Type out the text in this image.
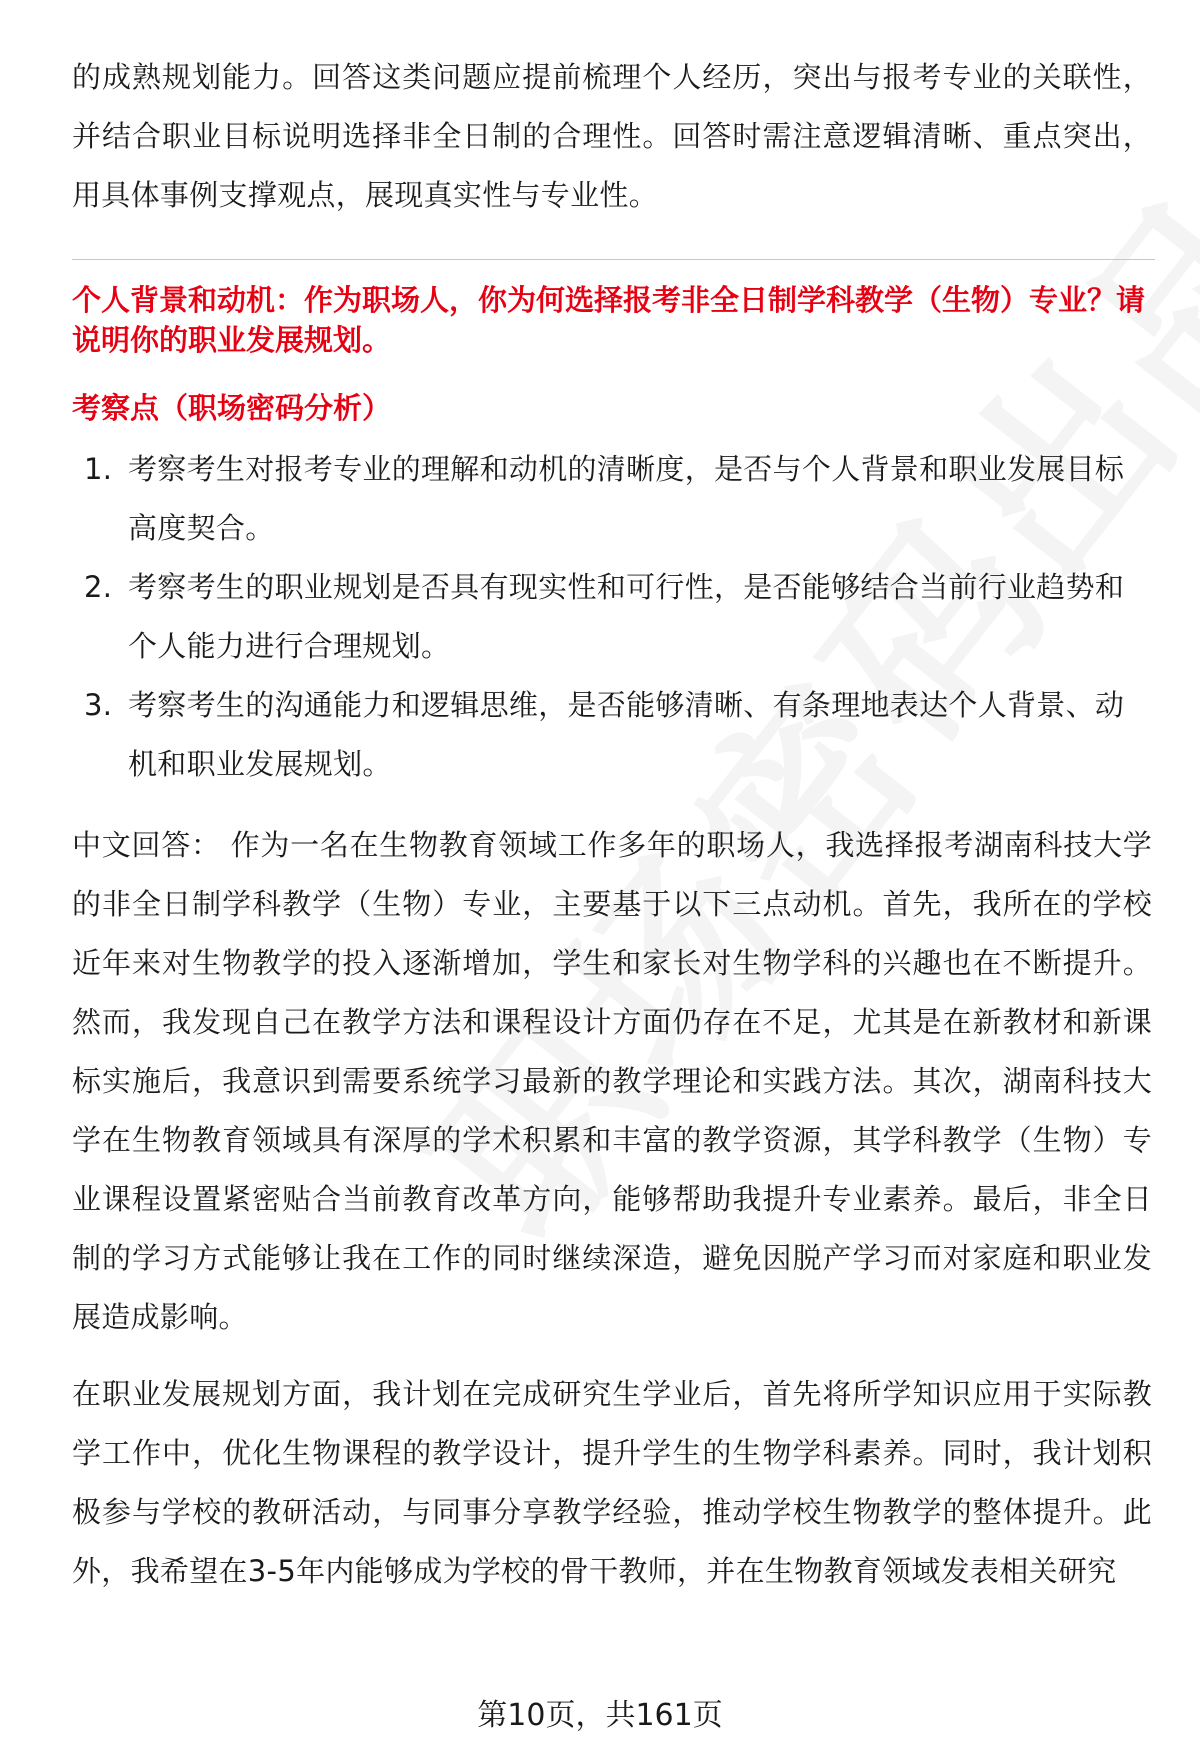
的成熟规划能力。回答这类问题应提前梳理个人经历，突出与报考专业的关联性，并结合职业目标说明选择非全日制的合理性。回答时需注意逻辑清晰、重点突出，用具体事例支撑观点，展现真实性与专业性。

个人背景和动机：作为职场人，你为何选择报考非全日制学科教学（生物）专业？请说明你的职业发展规划。

考察点（职场密码分析）

1. 考察考生对报考专业的理解和动机的清晰度，是否与个人背景和职业发展目标高度契合。
2. 考察考生的职业规划是否具有现实性和可行性，是否能够结合当前行业趋势和个人能力进行合理规划。
3. 考察考生的沟通能力和逻辑思维，是否能够清晰、有条理地表达个人背景、动机和职业发展规划。

中文回答： 作为一名在生物教育领域工作多年的职场人，我选择报考湖南科技大学的非全日制学科教学（生物）专业，主要基于以下三点动机。首先，我所在的学校近年来对生物教学的投入逐渐增加，学生和家长对生物学科的兴趣也在不断提升。然而，我发现自己在教学方法和课程设计方面仍存在不足，尤其是在新教材和新课标实施后，我意识到需要系统学习最新的教学理论和实践方法。其次，湖南科技大学在生物教育领域具有深厚的学术积累和丰富的教学资源，其学科教学（生物）专业课程设置紧密贴合当前教育改革方向，能够帮助我提升专业素养。最后，非全日制的学习方式能够让我在工作的同时继续深造，避免因脱产学习而对家庭和职业发展造成影响。

在职业发展规划方面，我计划在完成研究生学业后，首先将所学知识应用于实际教学工作中，优化生物课程的教学设计，提升学生的生物学科素养。同时，我计划积极参与学校的教研活动，与同事分享教学经验，推动学校生物教学的整体提升。此外，我希望在3-5年内能够成为学校的骨干教师，并在生物教育领域发表相关研究

第10页，共161页
